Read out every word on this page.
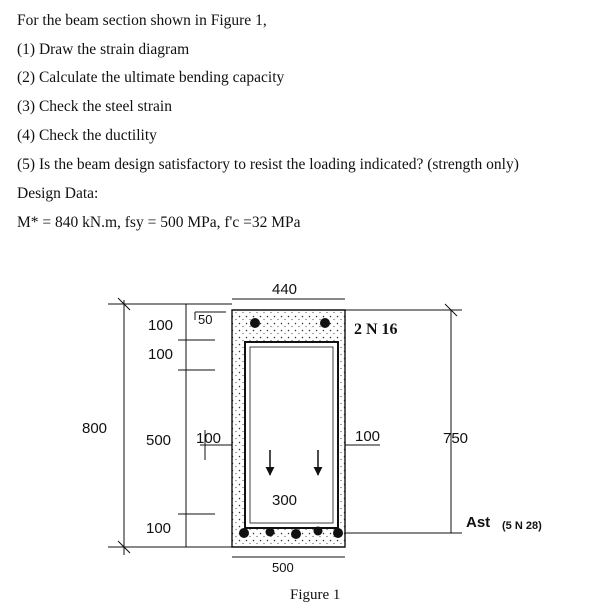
For the beam section shown in Figure 1,
(1) Draw the strain diagram
(2) Calculate the ultimate bending capacity
(3) Check the steel strain
(4) Check the ductility
(5) Is the beam design satisfactory to resist the loading indicated? (strength only)
Design Data:
M* = 840 kN.m, fsy = 500 MPa, f'c =32 MPa
800
100
100
500
100
50
100
440
300
100	750
2 N 16
Ast (5 N 28)
500
Figure 1
